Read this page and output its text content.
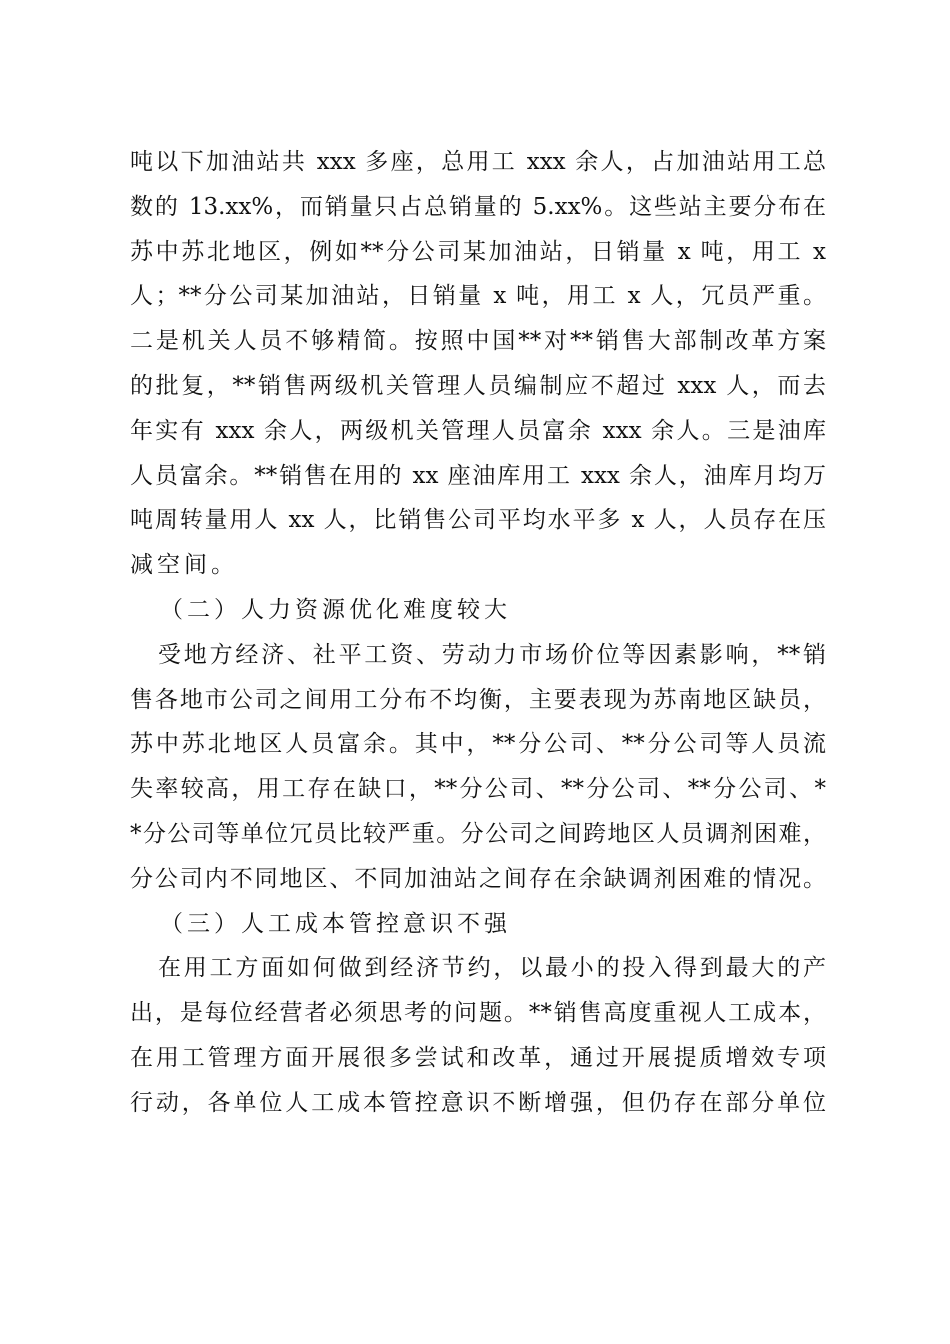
吨以下加油站共 xxx 多座，总用工 xxx 余人，占加油站用工总
数的 13.xx%，而销量只占总销量的 5.xx%。这些站主要分布在
苏中苏北地区，例如**分公司某加油站，日销量 x 吨，用工 x
人；**分公司某加油站，日销量 x 吨，用工 x 人，冗员严重。
二是机关人员不够精简。按照中国**对**销售大部制改革方案
的批复，**销售两级机关管理人员编制应不超过 xxx 人，而去
年实有 xxx 余人，两级机关管理人员富余 xxx 余人。三是油库
人员富余。**销售在用的 xx 座油库用工 xxx 余人，油库月均万
吨周转量用人 xx 人，比销售公司平均水平多 x 人，人员存在压
减空间。
（二）人力资源优化难度较大
受地方经济、社平工资、劳动力市场价位等因素影响，**销
售各地市公司之间用工分布不均衡，主要表现为苏南地区缺员，
苏中苏北地区人员富余。其中，**分公司、**分公司等人员流
失率较高，用工存在缺口，**分公司、**分公司、**分公司、*
*分公司等单位冗员比较严重。分公司之间跨地区人员调剂困难，
分公司内不同地区、不同加油站之间存在余缺调剂困难的情况。
（三）人工成本管控意识不强
在用工方面如何做到经济节约，以最小的投入得到最大的产
出，是每位经营者必须思考的问题。**销售高度重视人工成本，
在用工管理方面开展很多尝试和改革，通过开展提质增效专项
行动，各单位人工成本管控意识不断增强，但仍存在部分单位
